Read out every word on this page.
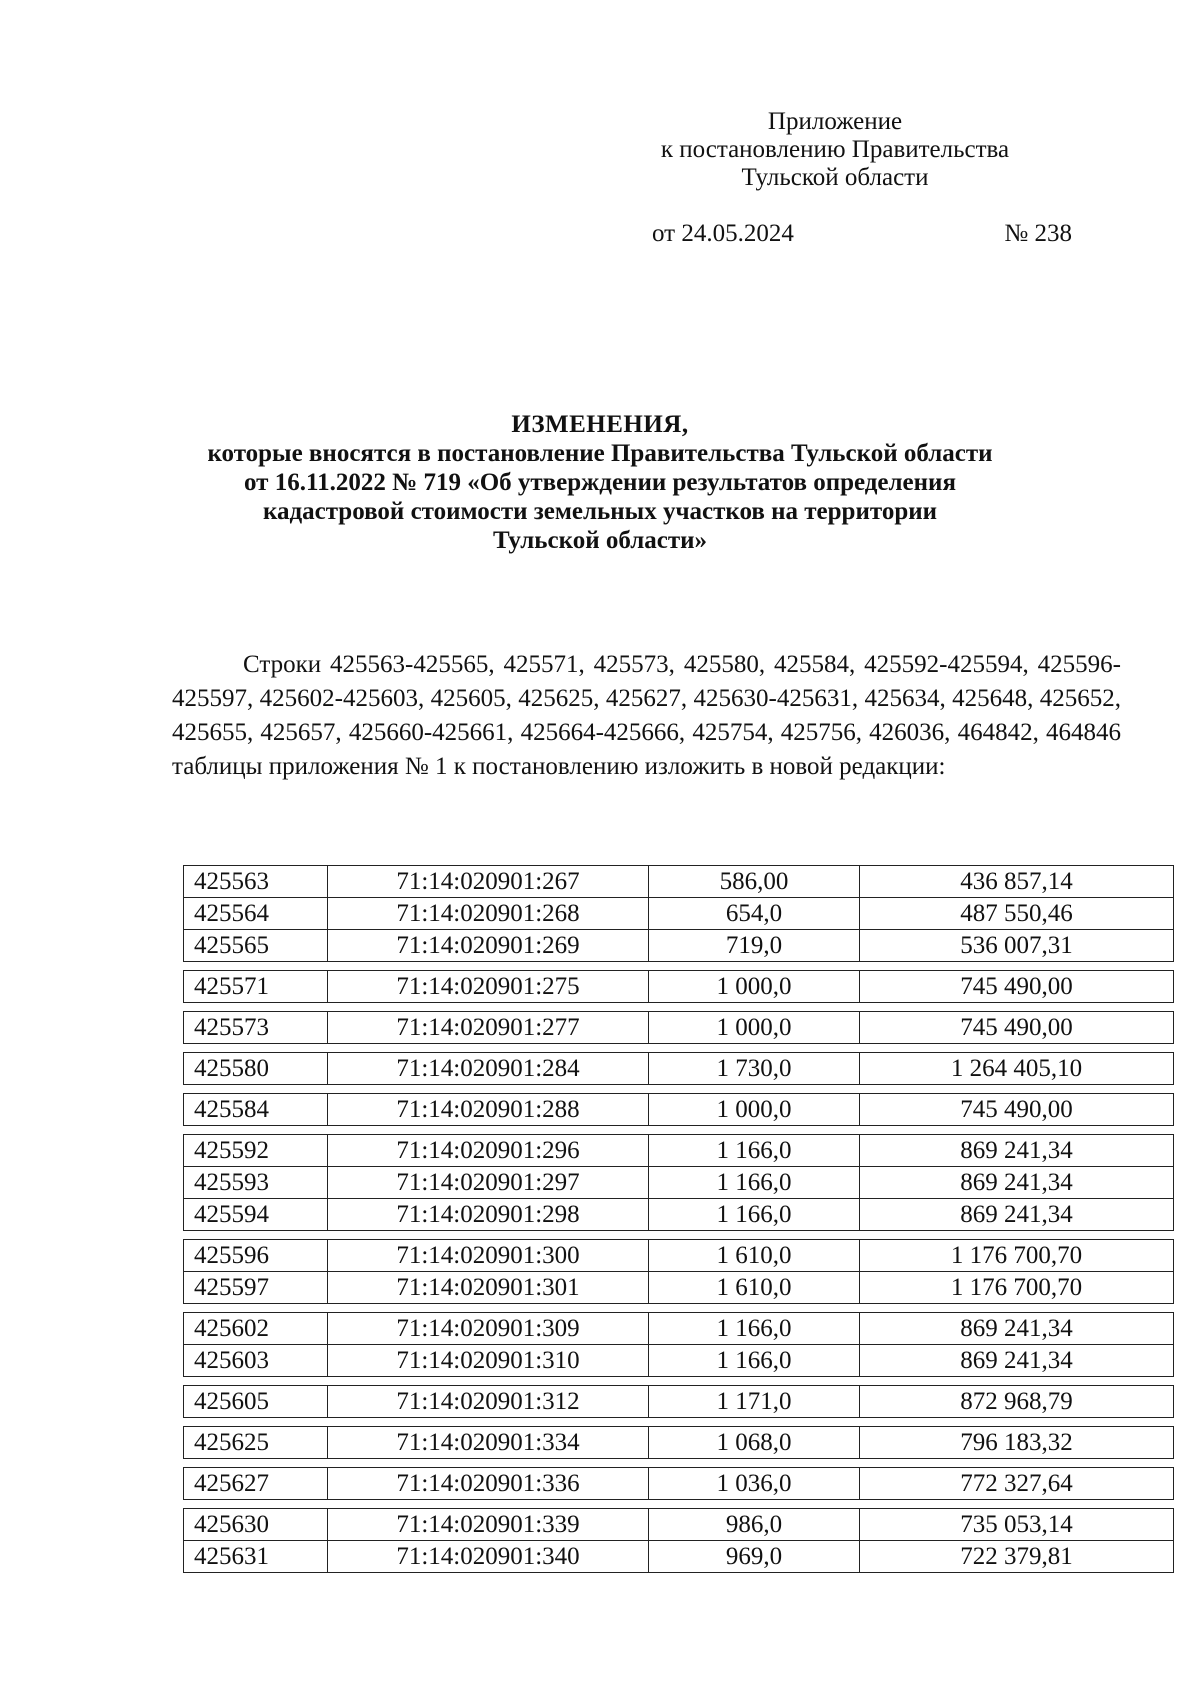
Приложение
к постановлению Правительства
Тульской области
от 24.05.2024	№ 238
ИЗМЕНЕНИЯ,
которые вносятся в постановление Правительства Тульской области
от 16.11.2022 № 719 «Об утверждении результатов определения
кадастровой стоимости земельных участков на территории
Тульской области»
Строки 425563-425565, 425571, 425573, 425580, 425584, 425592-425594, 425596-425597, 425602-425603, 425605, 425625, 425627, 425630-425631, 425634, 425648, 425652, 425655, 425657, 425660-425661, 425664-425666, 425754, 425756, 426036, 464842, 464846 таблицы приложения № 1 к постановлению изложить в новой редакции:
425563	71:14:020901:267	586,00	436 857,14
425564	71:14:020901:268	654,0	487 550,46
425565	71:14:020901:269	719,0	536 007,31
425571	71:14:020901:275	1 000,0	745 490,00
425573	71:14:020901:277	1 000,0	745 490,00
425580	71:14:020901:284	1 730,0	1 264 405,10
425584	71:14:020901:288	1 000,0	745 490,00
425592	71:14:020901:296	1 166,0	869 241,34
425593	71:14:020901:297	1 166,0	869 241,34
425594	71:14:020901:298	1 166,0	869 241,34
425596	71:14:020901:300	1 610,0	1 176 700,70
425597	71:14:020901:301	1 610,0	1 176 700,70
425602	71:14:020901:309	1 166,0	869 241,34
425603	71:14:020901:310	1 166,0	869 241,34
425605	71:14:020901:312	1 171,0	872 968,79
425625	71:14:020901:334	1 068,0	796 183,32
425627	71:14:020901:336	1 036,0	772 327,64
425630	71:14:020901:339	986,0	735 053,14
425631	71:14:020901:340	969,0	722 379,81
